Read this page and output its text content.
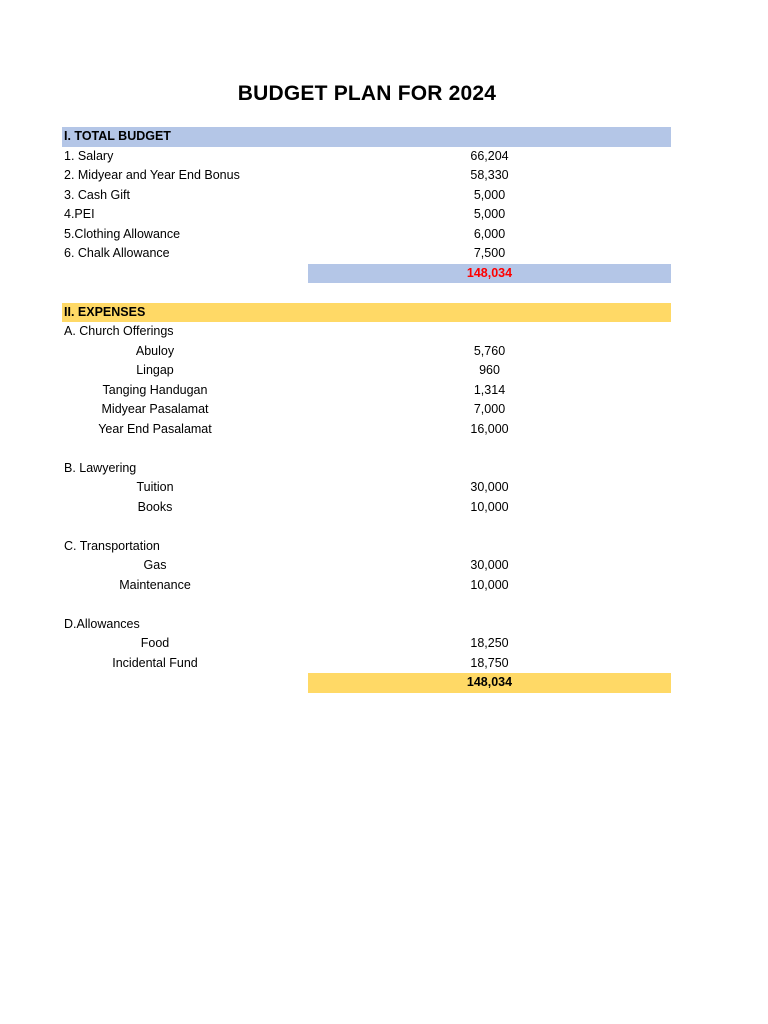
BUDGET PLAN FOR 2024
I. TOTAL BUDGET
1. Salary	66,204
2. Midyear and Year End Bonus	58,330
3. Cash Gift	5,000
4.PEI	5,000
5.Clothing Allowance	6,000
6. Chalk Allowance	7,500
148,034
II. EXPENSES
A. Church Offerings
Abuloy	5,760
Lingap	960
Tanging Handugan	1,314
Midyear Pasalamat	7,000
Year End Pasalamat	16,000
B. Lawyering
Tuition	30,000
Books	10,000
C. Transportation
Gas	30,000
Maintenance	10,000
D.Allowances
Food	18,250
Incidental Fund	18,750
148,034
